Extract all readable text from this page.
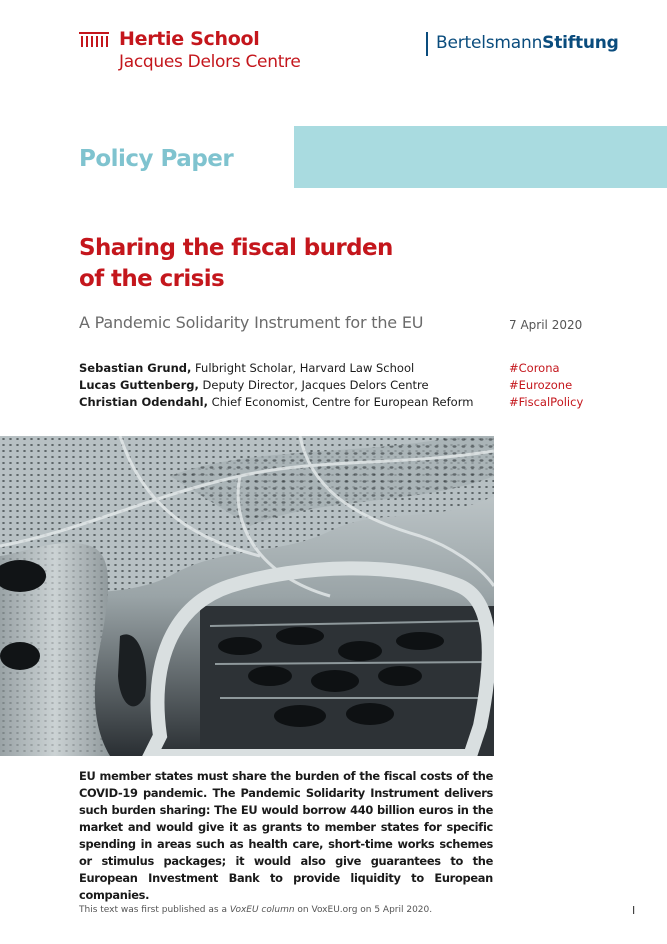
Hertie School
Jacques Delors Centre
BertelsmannStiftung
Policy Paper
Sharing the fiscal burden
of the crisis
A Pandemic Solidarity Instrument for the EU	7 April 2020
Sebastian Grund, Fulbright Scholar, Harvard Law School
Lucas Guttenberg, Deputy Director, Jacques Delors Centre
Christian Odendahl, Chief Economist, Centre for European Reform
#Corona
#Eurozone
#FiscalPolicy
EU member states must share the burden of the fiscal costs of the COVID-19 pandemic. The Pandemic Solidarity Instrument delivers such burden sharing: The EU would borrow 440 billion euros in the market and would give it as grants to member states for specific spending in areas such as health care, short-time works schemes or stimulus packages; it would also give guarantees to the European Investment Bank to provide liquidity to European companies.
This text was first published as a VoxEU column on VoxEU.org on 5 April 2020.	I
